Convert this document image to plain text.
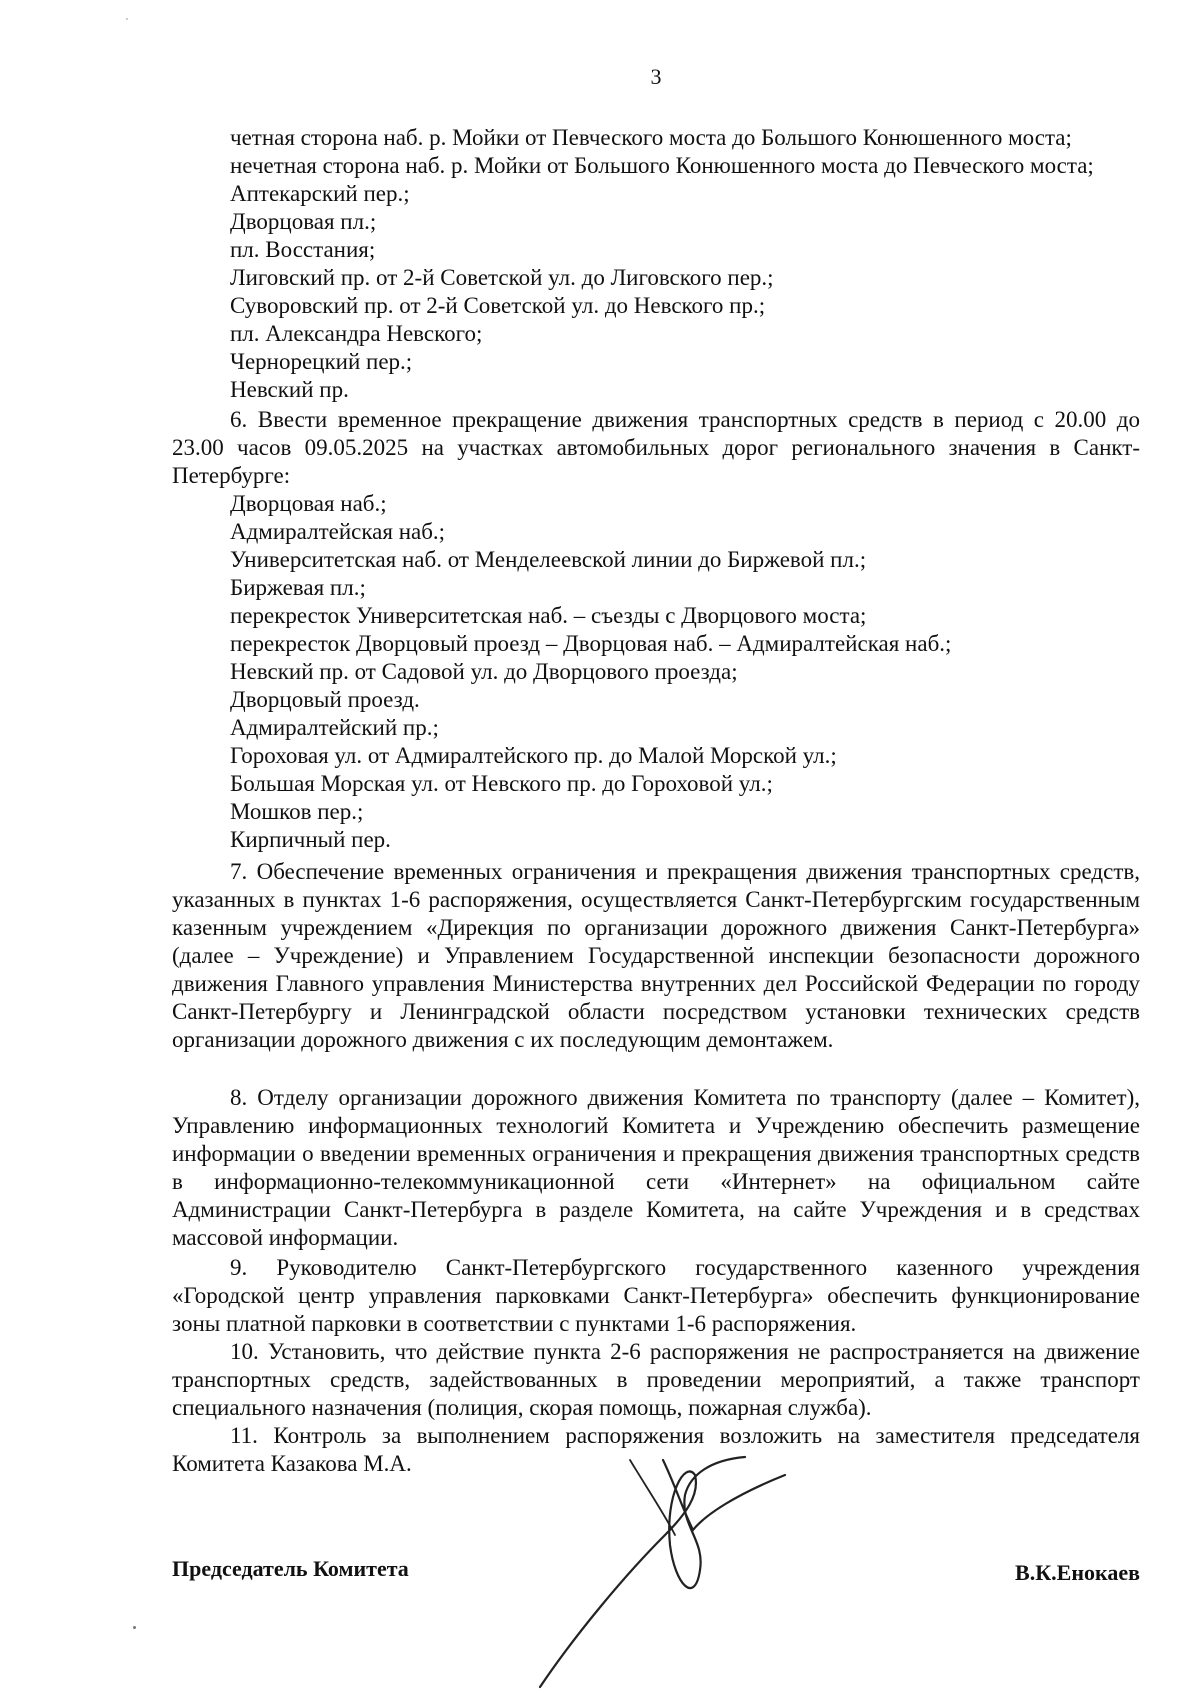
3
четная сторона наб. р. Мойки от Певческого моста до Большого Конюшенного моста;
нечетная сторона наб. р. Мойки от Большого Конюшенного моста до Певческого моста;
Аптекарский пер.;
Дворцовая пл.;
пл. Восстания;
Лиговский пр. от 2-й Советской ул. до Лиговского пер.;
Суворовский пр. от 2-й Советской ул. до Невского пр.;
пл. Александра Невского;
Чернорецкий пер.;
Невский пр.
6. Ввести временное прекращение движения транспортных средств в период с 20.00 до 23.00 часов 09.05.2025 на участках автомобильных дорог регионального значения в Санкт-Петербурге:
Дворцовая наб.;
Адмиралтейская наб.;
Университетская наб. от Менделеевской линии до Биржевой пл.;
Биржевая пл.;
перекресток Университетская наб. – съезды с Дворцового моста;
перекресток Дворцовый проезд – Дворцовая наб. – Адмиралтейская наб.;
Невский пр. от Садовой ул. до Дворцового проезда;
Дворцовый проезд.
Адмиралтейский пр.;
Гороховая ул. от Адмиралтейского пр. до Малой Морской ул.;
Большая Морская ул. от Невского пр. до Гороховой ул.;
Мошков пер.;
Кирпичный пер.
7. Обеспечение временных ограничения и прекращения движения транспортных средств, указанных в пунктах 1-6 распоряжения, осуществляется Санкт-Петербургским государственным казенным учреждением «Дирекция по организации дорожного движения Санкт-Петербурга» (далее – Учреждение) и Управлением Государственной инспекции безопасности дорожного движения Главного управления Министерства внутренних дел Российской Федерации по городу Санкт-Петербургу и Ленинградской области посредством установки технических средств организации дорожного движения с их последующим демонтажем.
8. Отделу организации дорожного движения Комитета по транспорту (далее – Комитет), Управлению информационных технологий Комитета и Учреждению обеспечить размещение информации о введении временных ограничения и прекращения движения транспортных средств в информационно-телекоммуникационной сети «Интернет» на официальном сайте Администрации Санкт-Петербурга в разделе Комитета, на сайте Учреждения и в средствах массовой информации.
9. Руководителю Санкт-Петербургского государственного казенного учреждения «Городской центр управления парковками Санкт-Петербурга» обеспечить функционирование зоны платной парковки в соответствии с пунктами 1-6 распоряжения.
10. Установить, что действие пункта 2-6 распоряжения не распространяется на движение транспортных средств, задействованных в проведении мероприятий, а также транспорт специального назначения (полиция, скорая помощь, пожарная служба).
11. Контроль за выполнением распоряжения возложить на заместителя председателя Комитета Казакова М.А.
Председатель Комитета	В.К.Енокаев
